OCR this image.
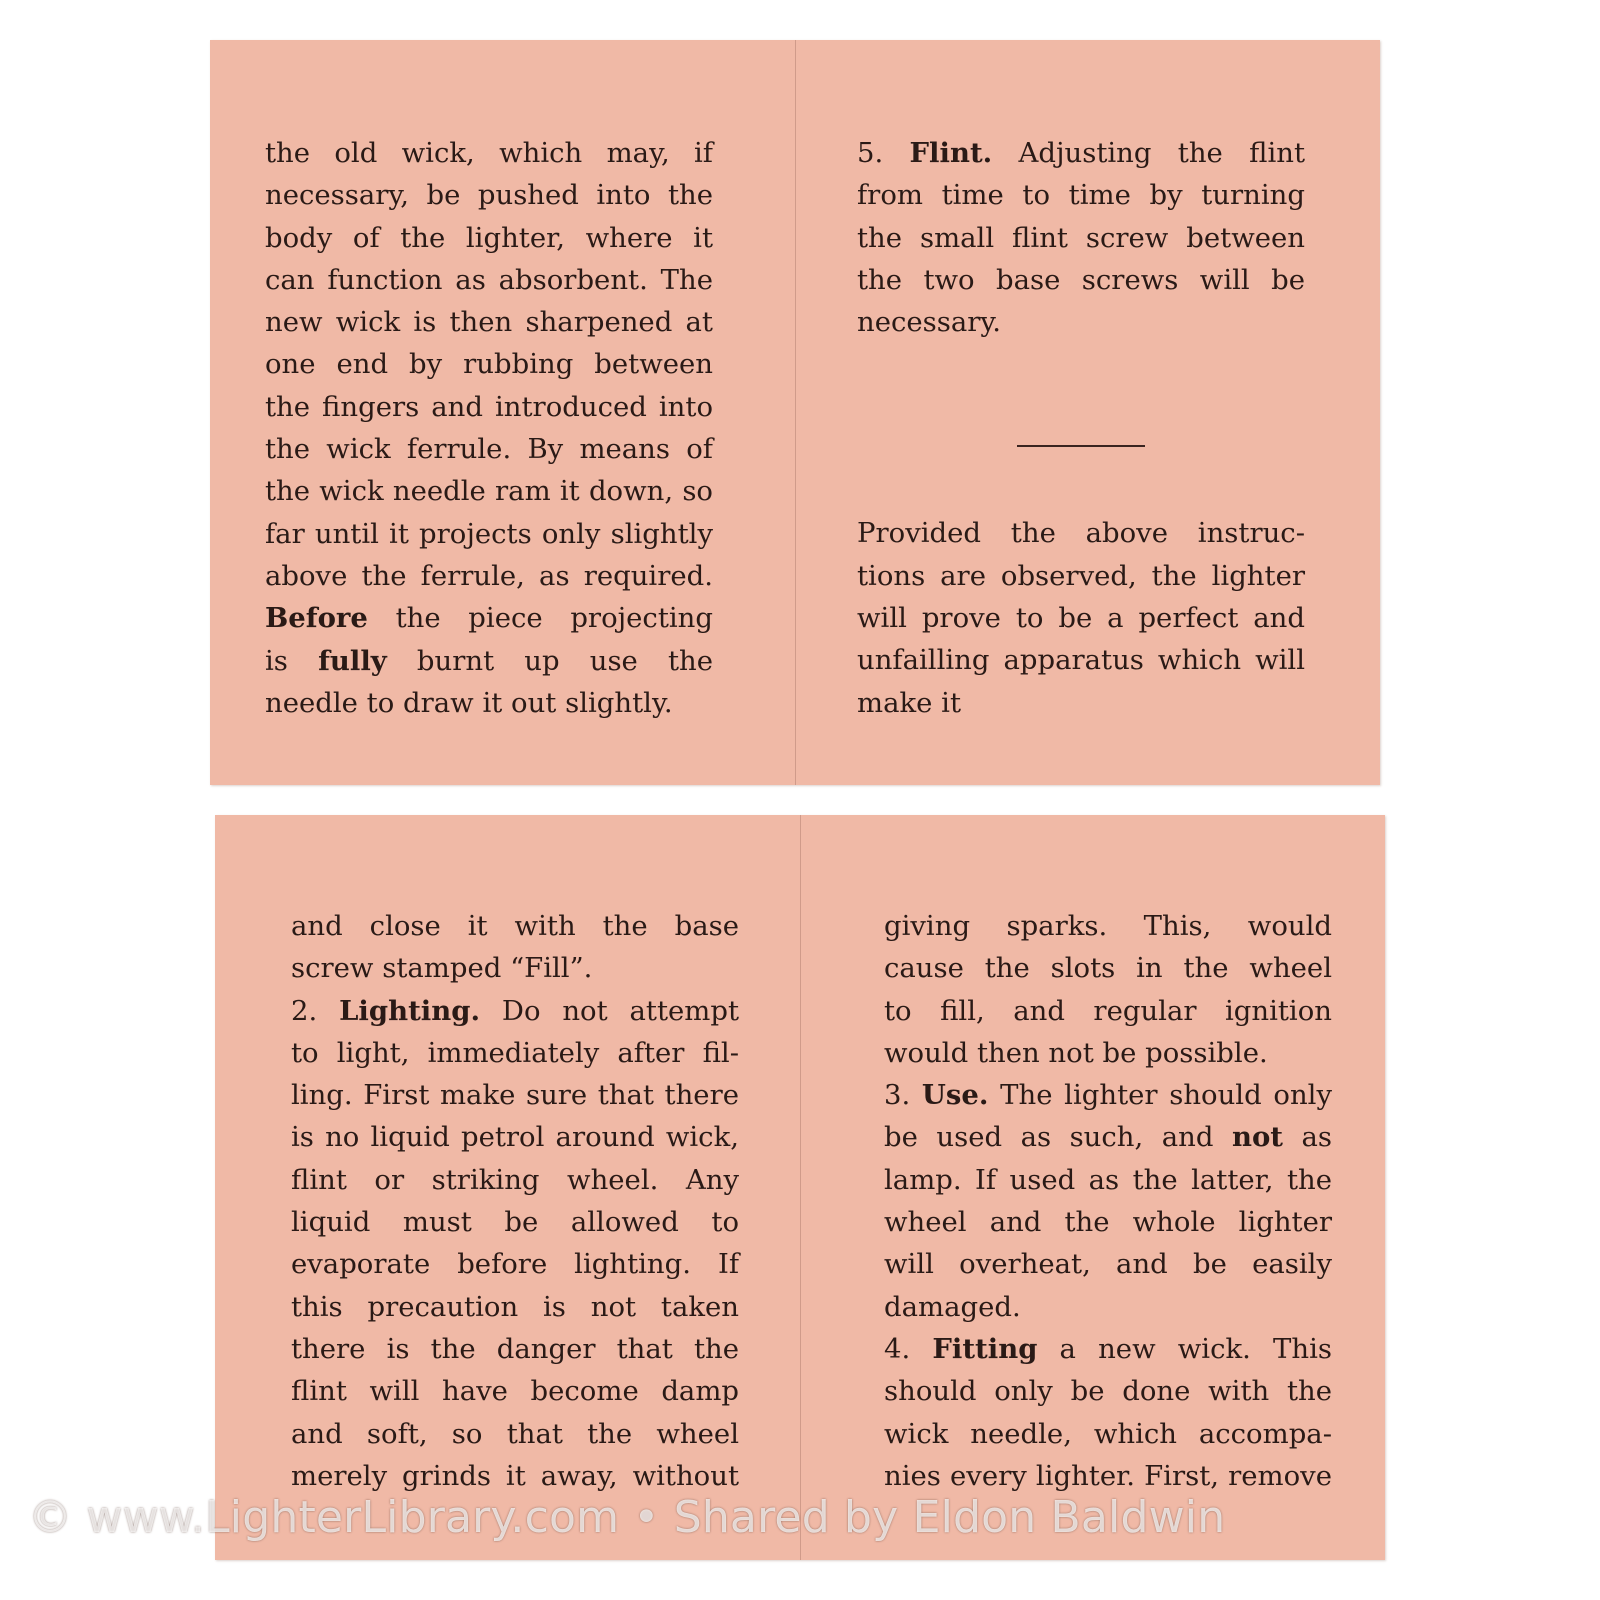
the old wick, which may, if
necessary, be pushed into the
body of the lighter, where it
can function as absorbent. The
new wick is then sharpened at
one end by rubbing between
the fingers and introduced into
the wick ferrule. By means of
the wick needle ram it down, so
far until it projects only slightly
above the ferrule, as required.
Before the piece projecting
is fully burnt up use the
needle to draw it out slightly.

5. Flint. Adjusting the flint
from time to time by turning
the small flint screw between
the two base screws will be
necessary.

Provided the above instruc-
tions are observed, the lighter
will prove to be a perfect and
unfailling apparatus which will
make it

and close it with the base
screw stamped “Fill”.
2. Lighting. Do not attempt
to light, immediately after fil-
ling. First make sure that there
is no liquid petrol around wick,
flint or striking wheel. Any
liquid must be allowed to
evaporate before lighting. If
this precaution is not taken
there is the danger that the
flint will have become damp
and soft, so that the wheel
merely grinds it away, without

giving sparks. This, would
cause the slots in the wheel
to fill, and regular ignition
would then not be possible.
3. Use. The lighter should only
be used as such, and not as
lamp. If used as the latter, the
wheel and the whole lighter
will overheat, and be easily
damaged.
4. Fitting a new wick. This
should only be done with the
wick needle, which accompa-
nies every lighter. First, remove

© www.LighterLibrary.com • Shared by Eldon Baldwin
